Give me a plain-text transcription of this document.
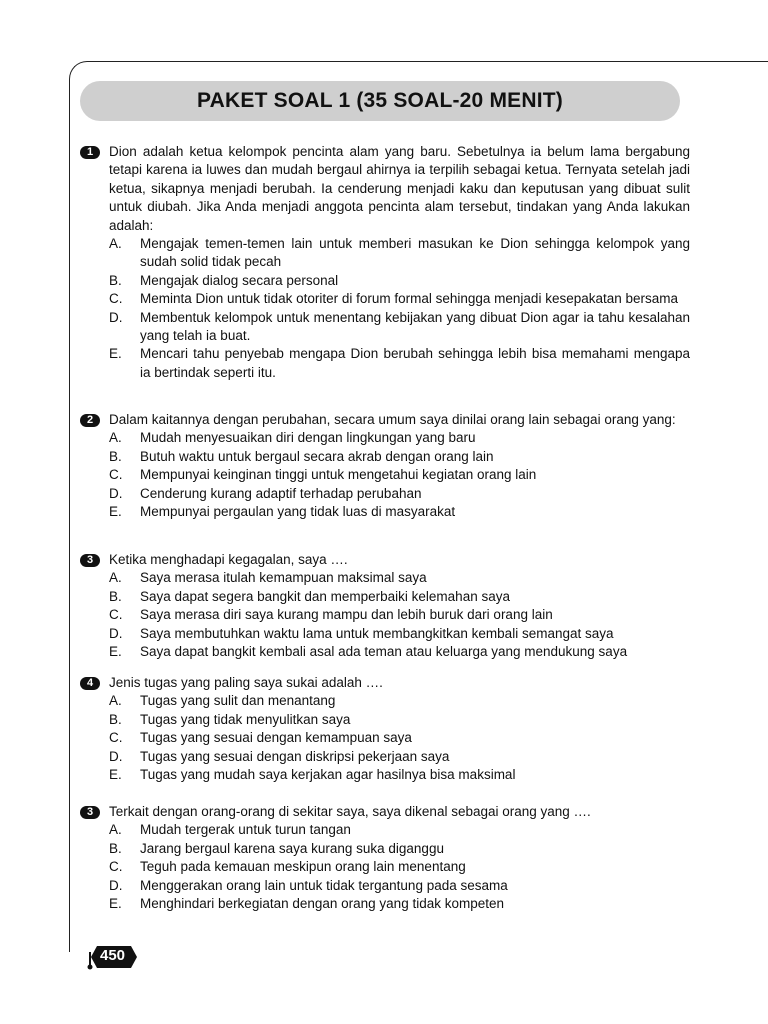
PAKET SOAL 1 (35 SOAL-20 MENIT)
1	Dion adalah ketua kelompok pencinta alam yang baru. Sebetulnya ia belum lama bergabung tetapi karena ia luwes dan mudah bergaul ahirnya ia terpilih sebagai ketua. Ternyata setelah jadi ketua, sikapnya menjadi berubah. Ia cenderung menjadi kaku dan keputusan yang dibuat sulit untuk diubah. Jika Anda menjadi anggota pencinta alam tersebut, tindakan yang Anda lakukan adalah:
A. Mengajak temen-temen lain untuk memberi masukan ke Dion sehingga kelompok yang sudah solid tidak pecah
B. Mengajak dialog secara personal
C. Meminta Dion untuk tidak otoriter di forum formal sehingga menjadi kesepakatan bersama
D. Membentuk kelompok untuk menentang kebijakan yang dibuat Dion agar ia tahu kesalahan yang telah ia buat.
E. Mencari tahu penyebab mengapa Dion berubah sehingga lebih bisa memahami mengapa ia bertindak seperti itu.
2	Dalam kaitannya dengan perubahan, secara umum saya dinilai orang lain sebagai orang yang:
A. Mudah menyesuaikan diri dengan lingkungan yang baru
B. Butuh waktu untuk bergaul secara akrab dengan orang lain
C. Mempunyai keinginan tinggi untuk mengetahui kegiatan orang lain
D. Cenderung kurang adaptif terhadap perubahan
E. Mempunyai pergaulan yang tidak luas di masyarakat
3	Ketika menghadapi kegagalan, saya ….
A. Saya merasa itulah kemampuan maksimal saya
B. Saya dapat segera bangkit dan memperbaiki kelemahan saya
C. Saya merasa diri saya kurang mampu dan lebih buruk dari orang lain
D. Saya membutuhkan waktu lama untuk membangkitkan kembali semangat saya
E. Saya dapat bangkit kembali asal ada teman atau keluarga yang mendukung saya
4	Jenis tugas yang paling saya sukai adalah ….
A. Tugas yang sulit dan menantang
B. Tugas yang tidak menyulitkan saya
C. Tugas yang sesuai dengan kemampuan saya
D. Tugas yang sesuai dengan diskripsi pekerjaan saya
E. Tugas yang mudah saya kerjakan agar hasilnya bisa maksimal
3	Terkait dengan orang-orang di sekitar saya, saya dikenal sebagai orang yang ….
A. Mudah tergerak untuk turun tangan
B. Jarang bergaul karena saya kurang suka diganggu
C. Teguh pada kemauan meskipun orang lain menentang
D. Menggerakan orang lain untuk tidak tergantung pada sesama
E. Menghindari berkegiatan dengan orang yang tidak kompeten
450
